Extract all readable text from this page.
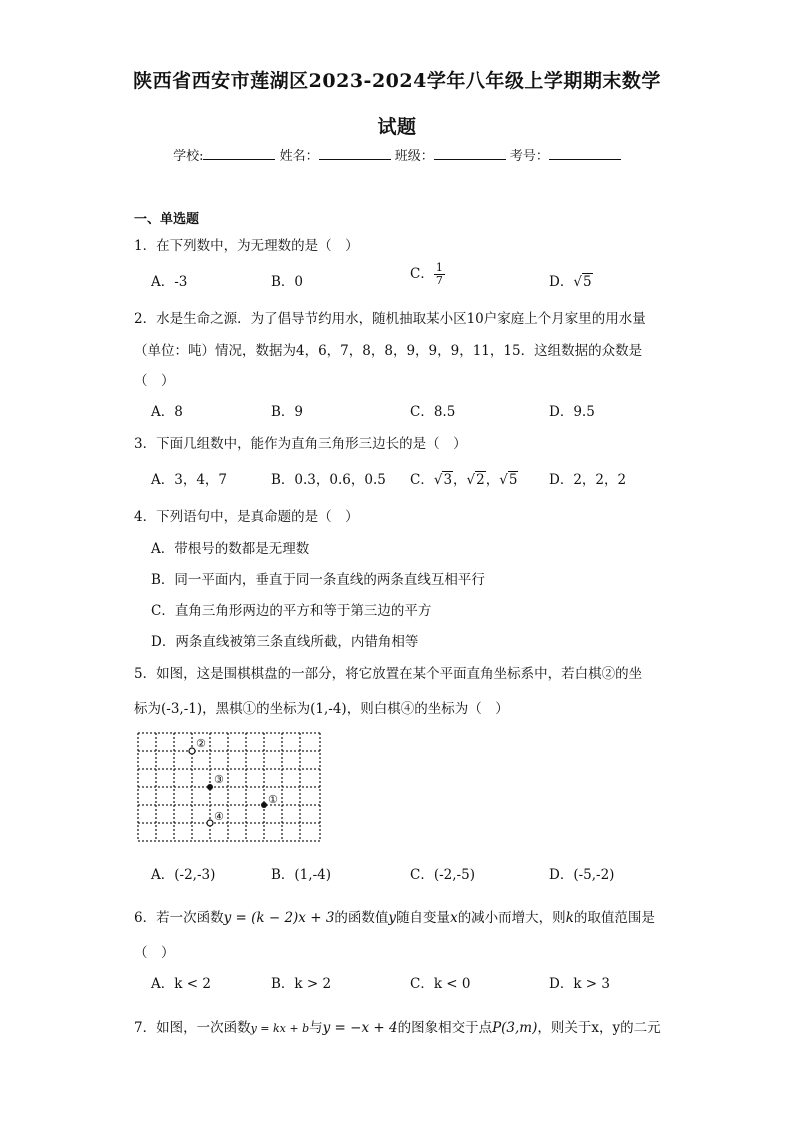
陕西省西安市莲湖区2023-2024学年八年级上学期期末数学
试题
学校:	姓名：	班级：	考号：
一、单选题
1．在下列数中，为无理数的是（　）
A．-3	B．0	C． $\frac{1}{7}$	D．√5
2．水是生命之源．为了倡导节约用水，随机抽取某小区10户家庭上个月家里的用水量
（单位：吨）情况，数据为4，6，7，8，8，9，9，9，11，15．这组数据的众数是
（　）
A．8	B．9	C．8.5	D．9.5
3．下面几组数中，能作为直角三角形三边长的是（　）
A．3，4，7	B．0.3，0.6，0.5 C．√3，√2，√5 D．2，2，2
4．下列语句中，是真命题的是（　）
A．带根号的数都是无理数
B．同一平面内，垂直于同一条直线的两条直线互相平行
C．直角三角形两边的平方和等于第三边的平方
D．两条直线被第三条直线所截，内错角相等
5．如图，这是围棋棋盘的一部分，将它放置在某个平面直角坐标系中，若白棋②的坐
标为(-3,-1)，黑棋①的坐标为(1,-4)，则白棋④的坐标为（　）
②
③
①
④
A．(-2,-3)	B．(1,-4)	C．(-2,-5)	D．(-5,-2)
6．若一次函数y = (k − 2)x + 3的函数值y随自变量x的减小而增大，则k的取值范围是
（　）
A．k < 2	B．k > 2	C．k < 0	D．k > 3
7．如图，一次函数y = kx + b与y = −x + 4的图象相交于点P(3,m)，则关于x，y的二元
